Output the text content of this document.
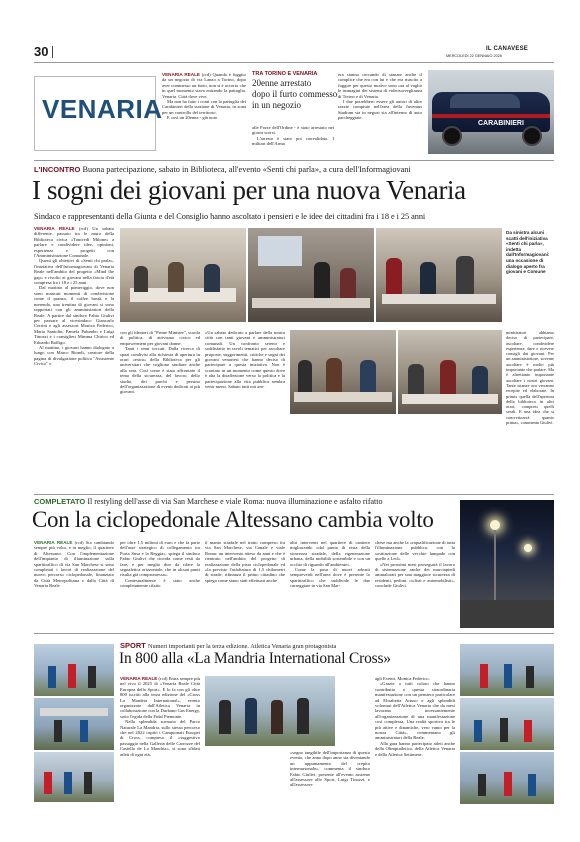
30	IL CANAVESE
MERCOLEDÌ 22 GENNAIO 2025
VENARIA
VENARIA REALE (rcd) Quando è fuggito da un negozio di via Lanzo a Torino, dopo aver commesso un furto, non si è accorto che in quel momento stava entrando la pattuglia. Venaria. Città dove vive.

Ma non ha fatto i conti con la pattuglia dei Carabinieri della stazione di Venaria, in zona per un controllo del territorio.

E così un 20enne - già noto

TRA TORINO E VENARIA
20enne arrestato
dopo il furto commesso
in un negozio

alle Forze dell'Ordine - è stato arrestato nei giorni scorsi.

L'arresto è stato poi convalidato. I militari dell'Arma

era stanno cercando di stanare anche il complice che era con lui e che era riuscito a fuggire per questo motivo sono ora al vaglio le immagini dei sistemi di videosorveglianza di Torino e di Venaria.

I due potrebbero essere gli autori di altre razzie compiute nell'area della Juventus Stadium sia in negozi sia all'interno di auto parcheggiate.

CARABINIERI
L'INCONTRO Buona partecipazione, sabato in Biblioteca, all'evento «Senti chi parla», a cura dell'Informagiovani
I sogni dei giovani per una nuova Venaria
Sindaco e rappresentanti della Giunta e del Consiglio hanno ascoltato i pensieri e le idee dei cittadini fra i 18 e i 25 anni
VENARIA REALE (rcd) Un sabato differente, passato tra le mura della Biblioteca civica «Tancredi Milone» a parlare e condividere idee, opinioni, esperienze e progetti con l'Amministrazione Comunale.

Questi gli obiettivi di «Senti chi parla», l'iniziativa dell'Informagiovani di Venaria Reale nell'ambito del progetto «Mind the gap» e rivolto ai giovani nella fascia d'età compresa fra i 18 e i 25 anni.

Dal mattino al pomeriggio, dove non sono mancati momenti di condivisione come il pranzo, il coffee break e la merenda, una trentina di giovani si sono rapportati con gli amministratori della Reale. A partire dal sindaco Fabio Giulivi per passare al vicesindaco Giancarlo Cerrini e agli assessori Monica Federico, Marta Santolin, Pamela Palumbo e Luigi Tinozzi e i consiglieri Mimma Chirico ed Edoardo Baffigo.

Al mattino, i giovani hanno dialogato a lungo con Marco Biondi, creatore della pagina di divulgazione politica "Assistente Civico" e

Da sinistra alcuni scatti dell'iniziativa «Senti chi parla», indetta dall'Informagiovani: una occasione di dialogo aperto fra giovani e Comune

con gli ideatori di "Prime Minister", scuola di politica, di attivismo civico ed empowerment per giovani donne.

Tanti i temi toccati. Dalla ricerca di spazi condivisi alla richiesta di apertura in orari «extra» della Biblioteca per gli universitari che vogliono studiare anche alla sera. Così come è stato affrontato il tema della sicurezza, del lavoro, dello studio, dei parchi e persino dell'organizzazione di eventi dedicati ai più giovani.

«Un sabato dedicato a parlare della nostra città con tanti giovani e amministratori comunali. Un confronto sereno e soddisfatto in tavoli tematici per ascoltare proposte, suggerimenti, critiche e sogni dei giovani venariesi che hanno deciso di partecipare a questa iniziativa. Non è scontato in un momento come questo dove è alta la disaffezione verso la politica e la partecipazione alla vita pubblica sembra venir meno. Sabato tutti noi am-

ministratori abbiamo deciso di partecipare, ascoltare, condividere esperienze, dare e ricevere consigli dai giovani. Per un amministratore, sovente ascoltare è molto più importante che parlare. Ma è altrettanto importante ascoltare i nostri giovani. Tante istanze ora verranno recepite ed elaborate. In primis quella dell'apertura della biblioteca in altri orari, compresi quelli serali. E una idea che si concretizzerà quanto prima», commenta Giulivi.

COMPLETATO Il restyling dell'asse di via San Marchese e viale Roma: nuova illuminazione e asfalto rifatto
Con la ciclopedonale Altessano cambia volto
VENARIA REALE (rcd) Sta cambiando sempre più volto, e in meglio, il quartiere di Altessano. Con l'implementazione dell'impianto di illuminazione sulla spartitraffico di via San Marchese si sono completati i lavori di realizzazione del nuovo percorso ciclopedonale, finanziato da Città Metropolitana e dalla Città di Venaria Reale

per oltre 1,5 milioni di euro e che fa parte dell'asse strategico di collegamento tra Porta Susa e la Reggia», spiega il sindaco Fabio Giulivi che ricorda come resti da fare, e per meglio dire da rifare la segnaletica orizzontale, che in alcuni punti risulta già compromessa».

Contestualmente è stato anche completamente rifatto

il manto stradale nel tratto compreso fra via San Marchese, via Canale e viale Roma: un intervento atteso da anni e che è rientrato nell'ambito del progetto di realizzazione della pista ciclopedonale ed «la previsto l'asfaltatura di 1,5 chilometri di strade, rifinanza il primo cittadino che spiega come siano stati effettuati anche

altri interventi nel quartiere di cantiere migliorando «dal punto di vista della sicurezza stradale, della rigenerazione urbana, della mobilità sostenibile e con un occhio di riguardo all'ambiente».

Come la posa di nuovi arbusti sempreverdi nell'area dove è presente lo spartitraffico che suddivide le due carreggiate in via San Mar-

chese ma anche la «riqualificazione di tutta l'illuminazione pubblica, con la sostituzione delle vecchie lampade con quelle a Led».

«Nei prossimi mesi proseguirà il lavoro di sistemazione anche dei marciapiedi ammalorati per una maggiore sicurezza di residenti, pedoni, ciclisti e automobilisti», conclude Giulivi.

SPORT Numeri importanti per la terza edizione. Atletica Venaria gran protagonista
In 800 alla «La Mandria International Cross»
VENARIA REALE (rcd) Entra sempre più nel vivo il 2025 di «Venaria Reale Città Europea dello Sport». E lo fa con gli oltre 800 iscritti alla terza edizione del «Cross La Mandria International», evento organizzato dall'Atletica Venaria in collaborazione con la Durbano Gas Energy, sotto l'egida della Fidal Piemonte.

Nella splendida scenario del Parco Naturale La Mandria, sullo stesso percorso che nel 2022 ospitò i Campionati Europei di Cross, compreso il «suggestivo passaggio nella Galleria delle Carrozze del Castello de La Mandria», si sono sfidati atleti di ogni età,	«segno tangibile dell'importanza di questo evento, che anno dopo anno sta diventando un appuntamento del crepito internazionale», commenta il sindaco Fabio Giulivi, presente all'evento assieme all'assessore allo Sport, Luigi Tinozzi, e all'assessore

agli Eventi, Monica Federico.

«Grazie a tutti coloro che hanno contribuito a questa straordinaria manifestazione con un pensiero particolare ad Elisabetta Artuso e agli splendidi volontari dell'Atletica Venaria che da mesi lavorano incessantemente all'organizzazione di una manifestazione così complessa. Una realtà sportiva tra le più attive e dinamiche, vero vanto per la nostra Città», commentano gli amministratori della Reale.

Alla gara hanno partecipato atleti anche della Olimpiatletica, della Atletica Venaria e della Atletica Settimese.
